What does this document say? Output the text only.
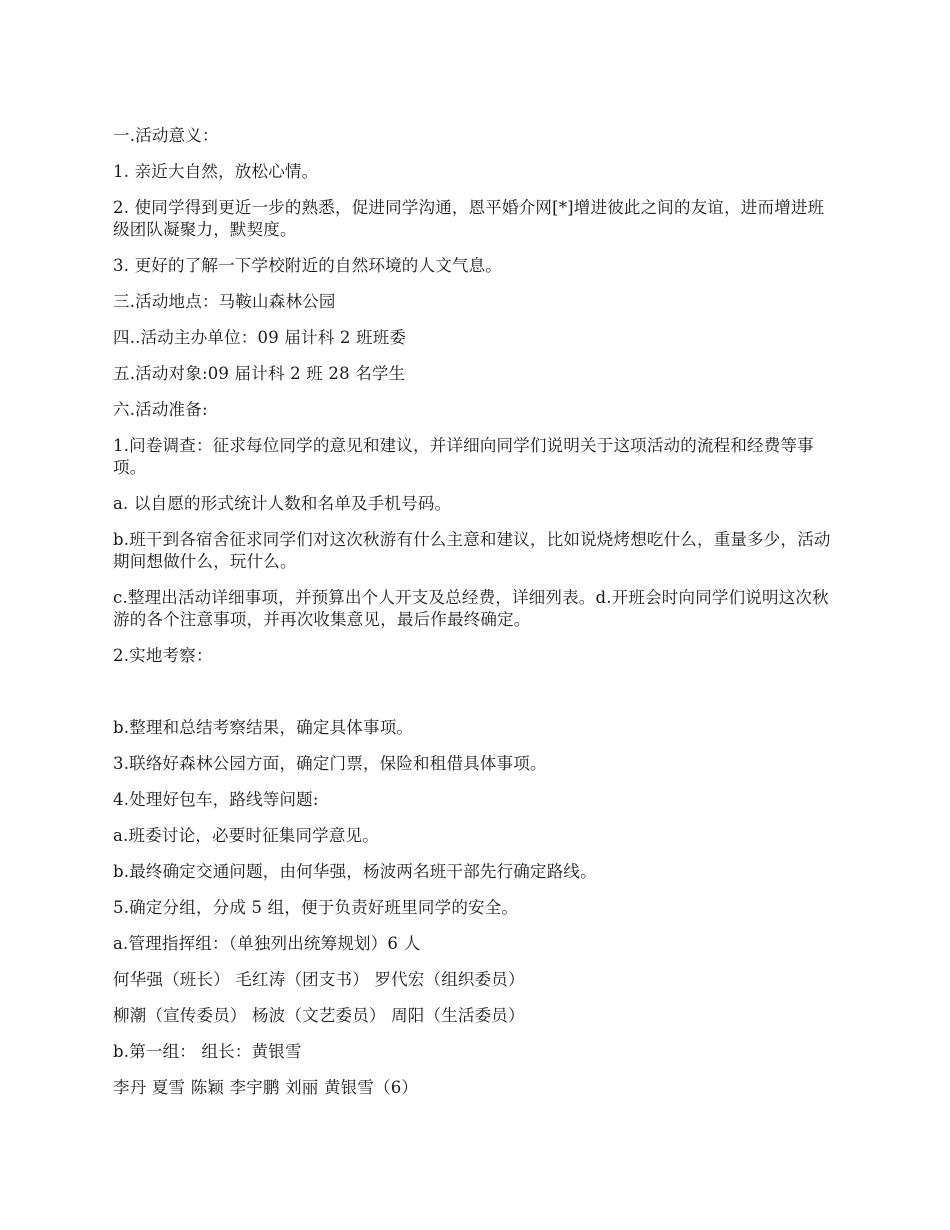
一.活动意义：

1. 亲近大自然，放松心情。

2. 使同学得到更近一步的熟悉，促进同学沟通，恩平婚介网[*]增进彼此之间的友谊，进而增进班级团队凝聚力，默契度。

3. 更好的了解一下学校附近的自然环境的人文气息。

三.活动地点：马鞍山森林公园

四..活动主办单位：09 届计科 2 班班委

五.活动对象:09 届计科 2 班 28 名学生

六.活动准备:

1.问卷调查：征求每位同学的意见和建议，并详细向同学们说明关于这项活动的流程和经费等事项。

a. 以自愿的形式统计人数和名单及手机号码。

b.班干到各宿舍征求同学们对这次秋游有什么主意和建议，比如说烧烤想吃什么，重量多少，活动期间想做什么，玩什么。

c.整理出活动详细事项，并预算出个人开支及总经费，详细列表。d.开班会时向同学们说明这次秋游的各个注意事项，并再次收集意见，最后作最终确定。

2.实地考察：

b.整理和总结考察结果，确定具体事项。

3.联络好森林公园方面，确定门票，保险和租借具体事项。

4.处理好包车，路线等问题:

a.班委讨论，必要时征集同学意见。

b.最终确定交通问题，由何华强，杨波两名班干部先行确定路线。

5.确定分组，分成 5 组，便于负责好班里同学的安全。

a.管理指挥组：（单独列出统筹规划）6 人

何华强（班长） 毛红涛（团支书） 罗代宏（组织委员）

柳潮（宣传委员） 杨波（文艺委员） 周阳（生活委员）

b.第一组： 组长：黄银雪

李丹 夏雪 陈颖 李宇鹏 刘丽 黄银雪（6）
